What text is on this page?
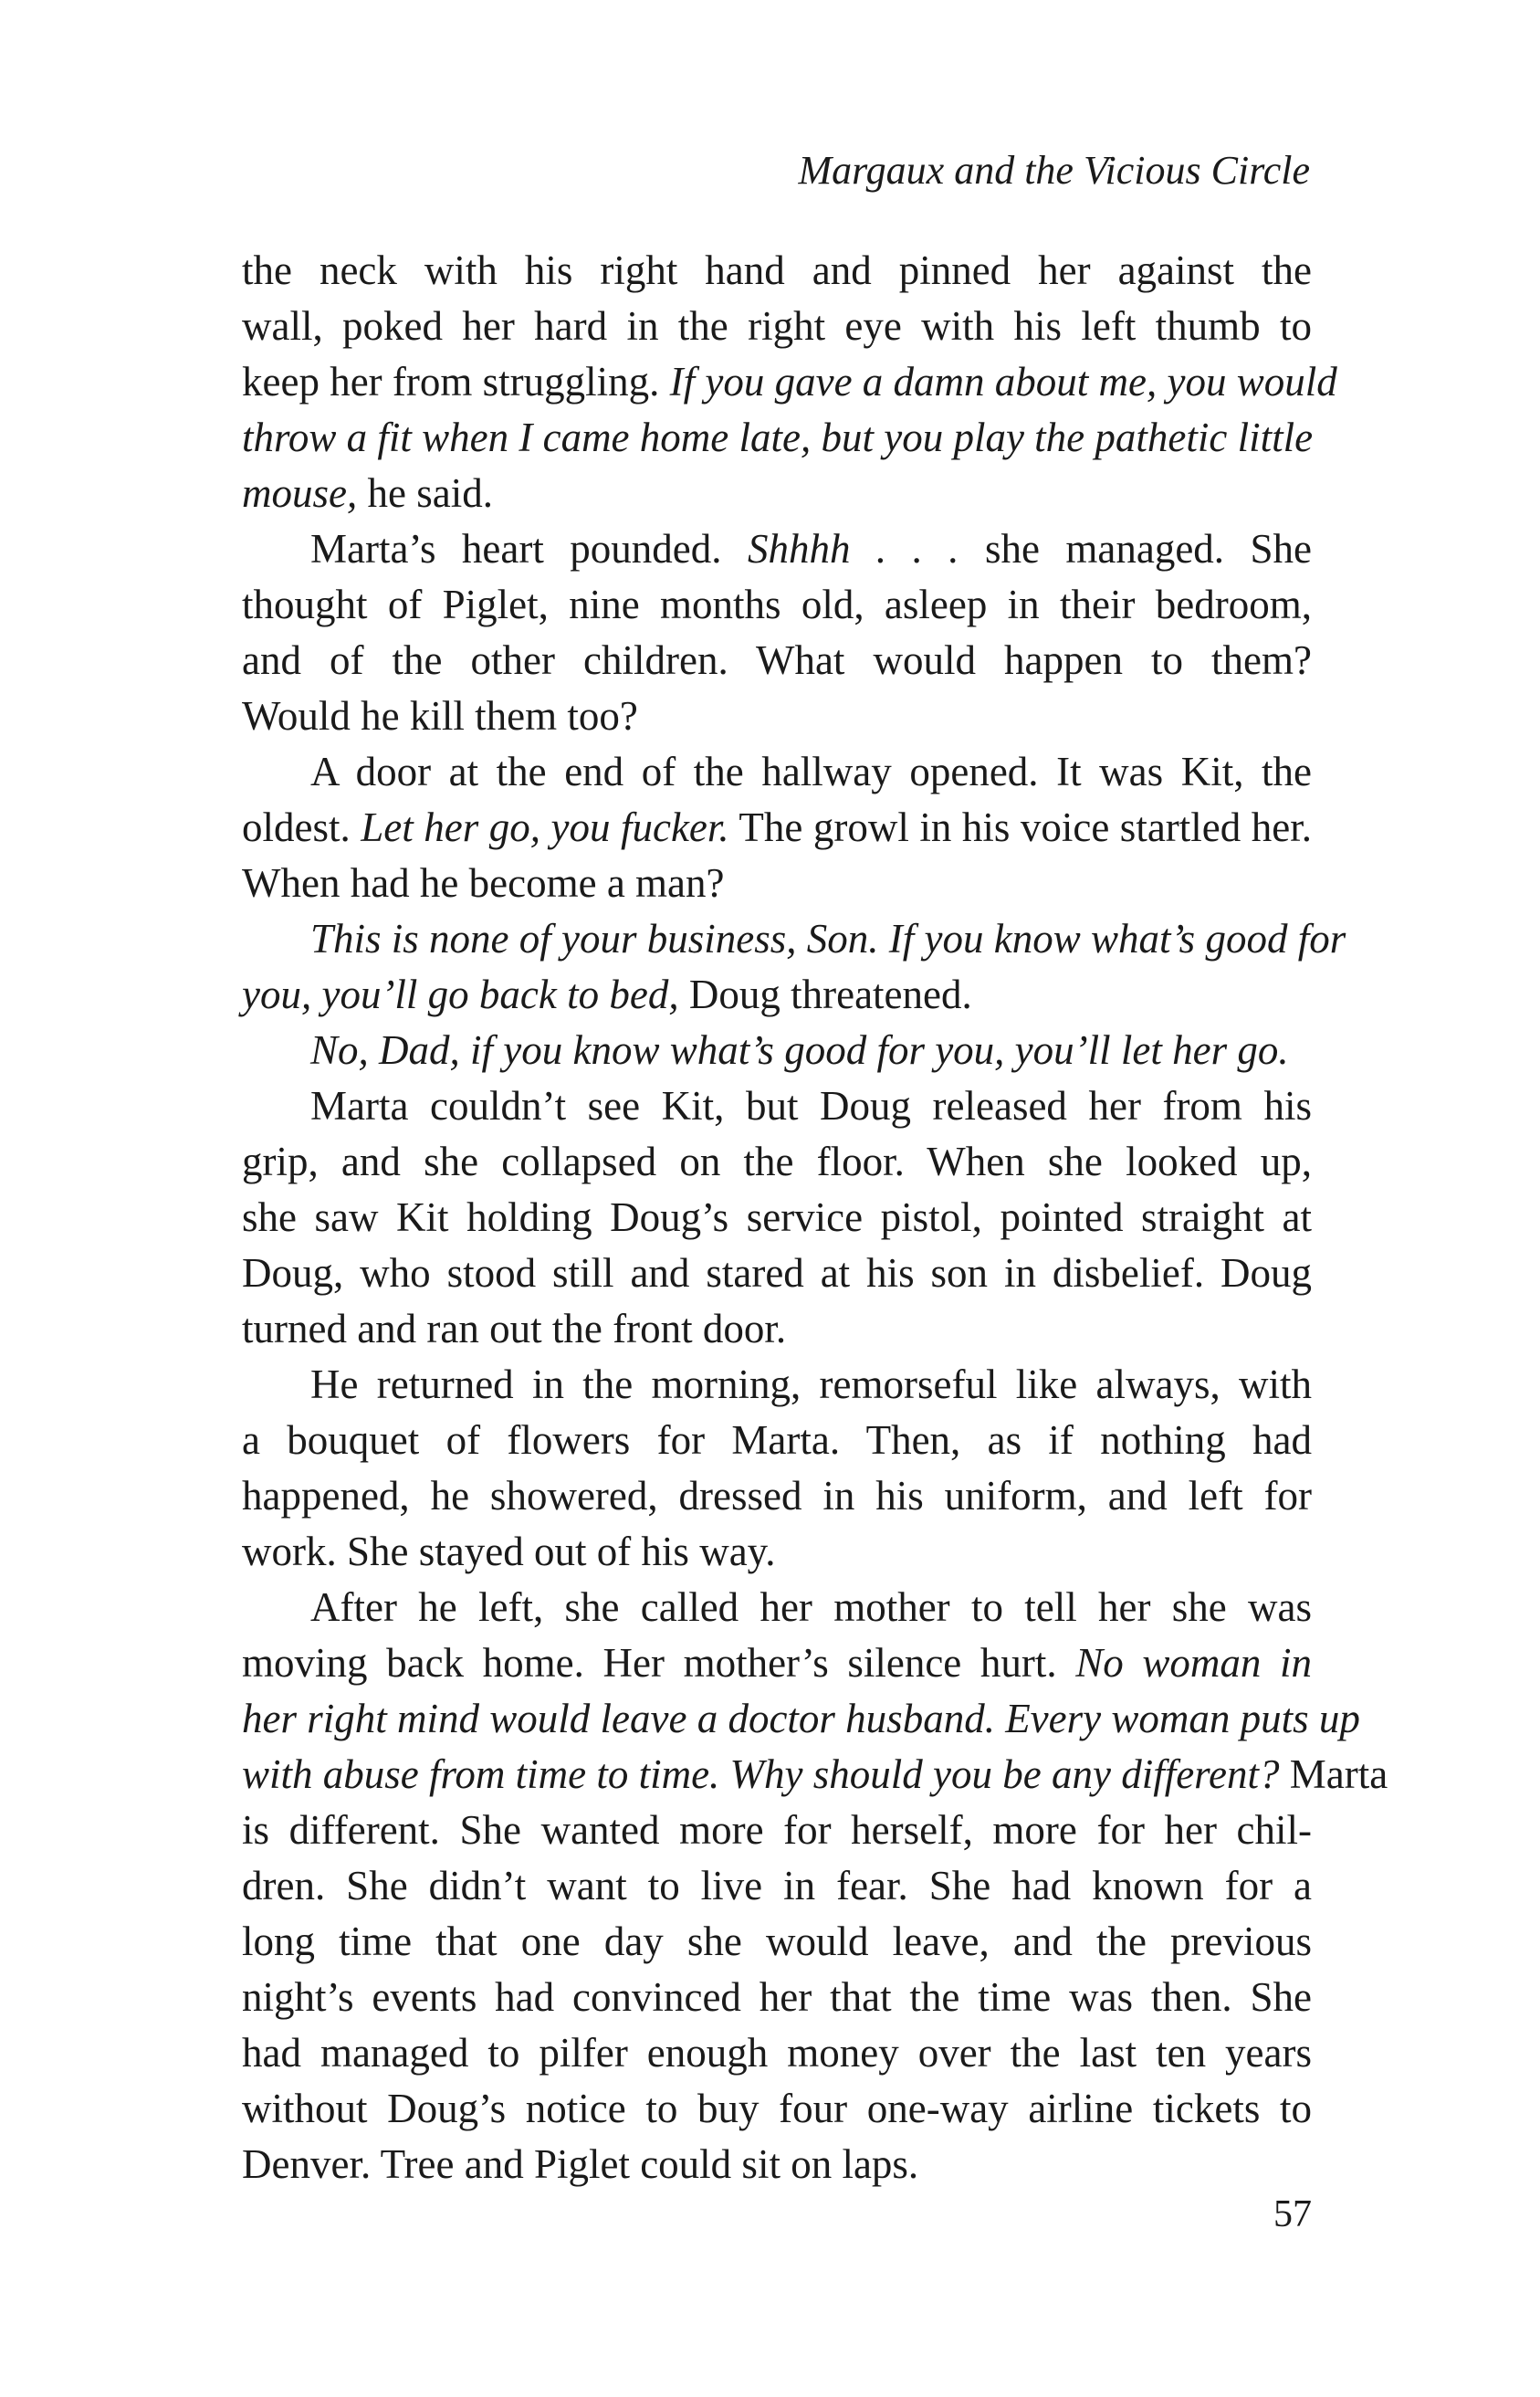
Margaux and the Vicious Circle
the neck with his right hand and pinned her against the
wall, poked her hard in the right eye with his left thumb to
keep her from struggling. If you gave a damn about me, you would
throw a fit when I came home late, but you play the pathetic little
mouse, he said.
Marta’s heart pounded. Shhhh . . . she managed. She
thought of Piglet, nine months old, asleep in their bedroom,
and of the other children. What would happen to them?
Would he kill them too?
A door at the end of the hallway opened. It was Kit, the
oldest. Let her go, you fucker. The growl in his voice startled her.
When had he become a man?
This is none of your business, Son. If you know what’s good for
you, you’ll go back to bed, Doug threatened.
No, Dad, if you know what’s good for you, you’ll let her go.
Marta couldn’t see Kit, but Doug released her from his
grip, and she collapsed on the floor. When she looked up,
she saw Kit holding Doug’s service pistol, pointed straight at
Doug, who stood still and stared at his son in disbelief. Doug
turned and ran out the front door.
He returned in the morning, remorseful like always, with
a bouquet of flowers for Marta. Then, as if nothing had
happened, he showered, dressed in his uniform, and left for
work. She stayed out of his way.
After he left, she called her mother to tell her she was
moving back home. Her mother’s silence hurt. No woman in
her right mind would leave a doctor husband. Every woman puts up
with abuse from time to time. Why should you be any different? Marta
is different. She wanted more for herself, more for her chil-
dren. She didn’t want to live in fear. She had known for a
long time that one day she would leave, and the previous
night’s events had convinced her that the time was then. She
had managed to pilfer enough money over the last ten years
without Doug’s notice to buy four one-way airline tickets to
Denver. Tree and Piglet could sit on laps.
57
